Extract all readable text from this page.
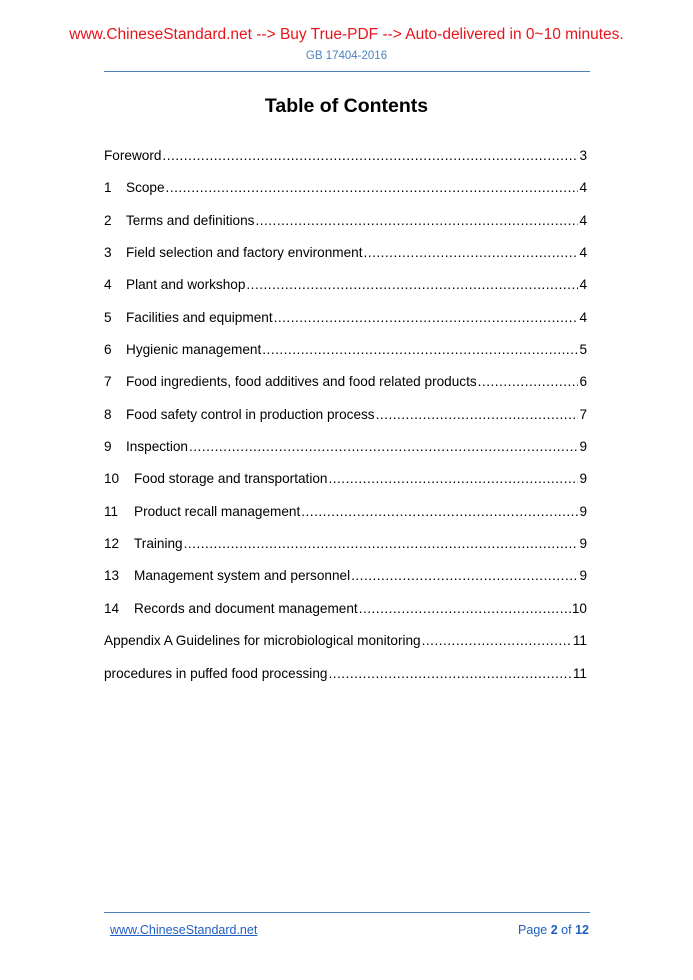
www.ChineseStandard.net --> Buy True-PDF --> Auto-delivered in 0~10 minutes.
GB 17404-2016
Table of Contents
Foreword .....	3
1	Scope .....	4
2	Terms and definitions .....	4
3	Field selection and factory environment .....	4
4	Plant and workshop .....	4
5	Facilities and equipment .....	4
6	Hygienic management .....	5
7	Food ingredients, food additives and food related products .....	6
8	Food safety control in production process .....	7
9	Inspection .....	9
10	Food storage and transportation .....	9
11	Product recall management .....	9
12	Training .....	9
13	Management system and personnel .....	9
14	Records and document management .....	10
Appendix A Guidelines for microbiological monitoring .....	11
procedures in puffed food processing .....	11
www.ChineseStandard.net	Page 2 of 12
